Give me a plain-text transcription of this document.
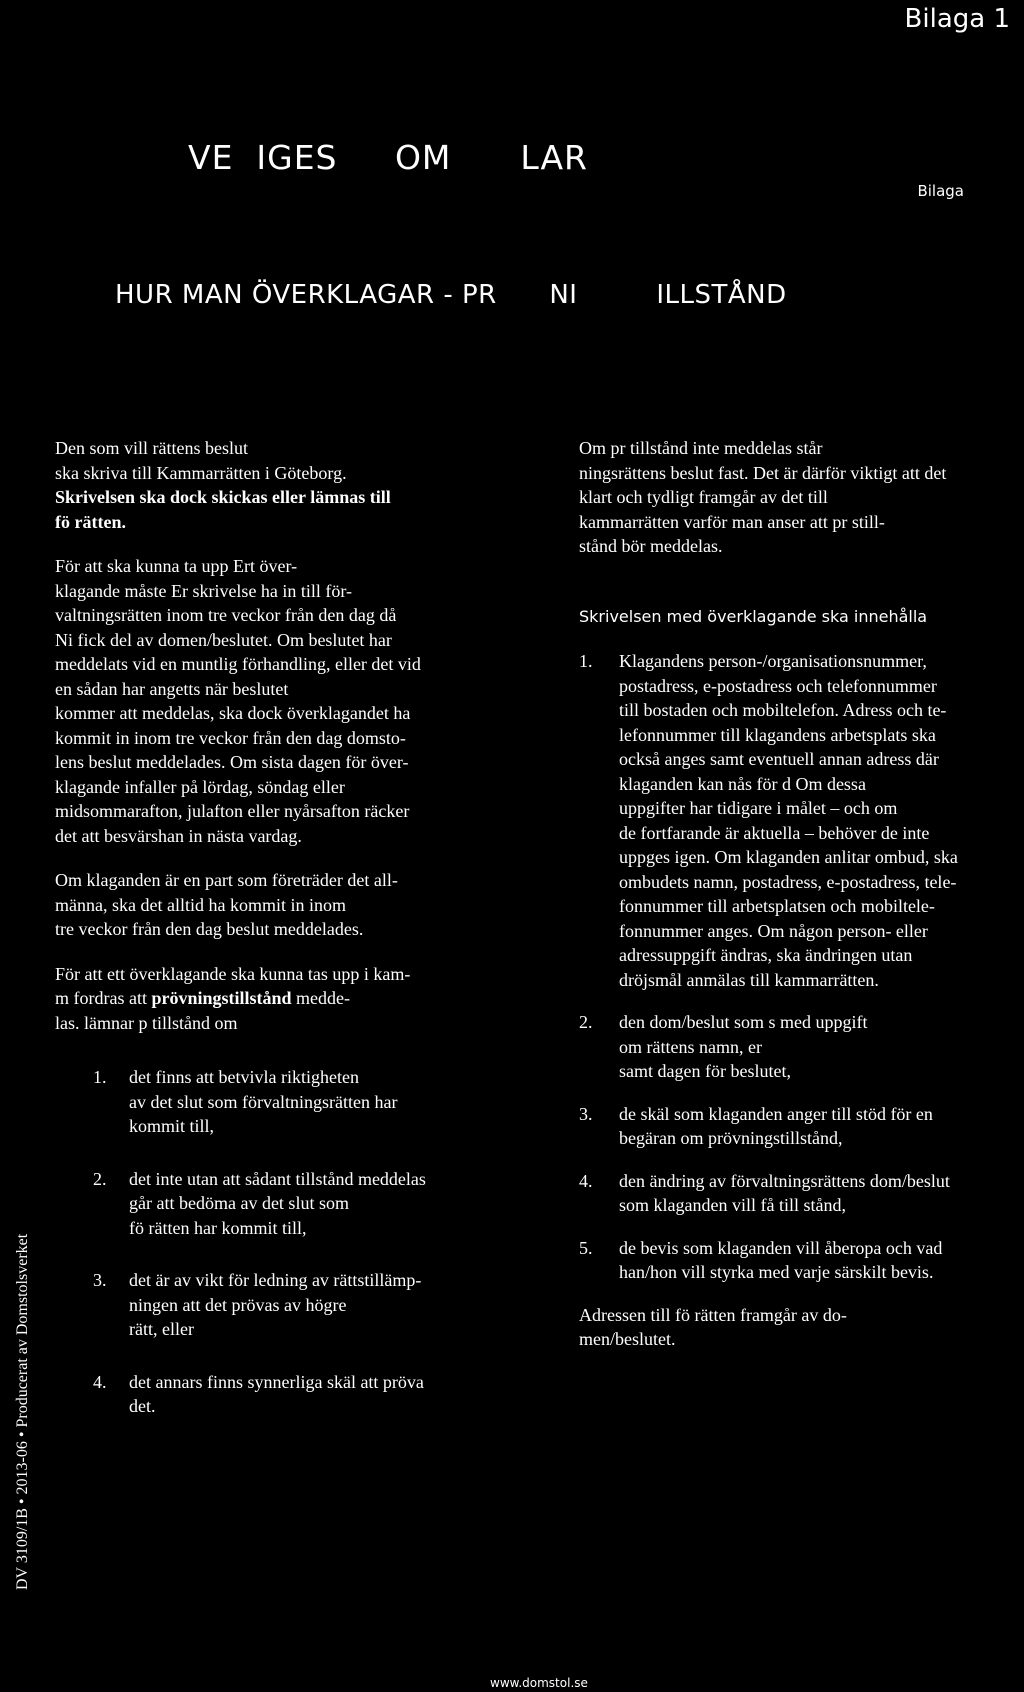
Bilaga 1
VE  IGES     OM      LAR
Bilaga
HUR MAN ÖVERKLAGAR - PR      NI         ILLSTÅND

Den som vill rättens beslut
ska skriva till Kammarrätten i Göteborg.
Skrivelsen ska dock skickas eller lämnas till
fö rätten.

För att ska kunna ta upp Ert över-
klagande måste Er skrivelse ha in till för-
valtningsrätten inom tre veckor från den dag då
Ni fick del av domen/beslutet. Om beslutet har
meddelats vid en muntlig förhandling, eller det vid
en sådan har angetts när beslutet
kommer att meddelas, ska dock överklagandet ha
kommit in inom tre veckor från den dag domsto-
lens beslut meddelades. Om sista dagen för över-
klagande infaller på lördag, söndag eller
midsommarafton, julafton eller nyårsafton räcker
det att besvärshan in nästa vardag.

Om klaganden är en part som företräder det all-
männa, ska det alltid ha kommit in inom
tre veckor från den dag beslut meddelades.

För att ett överklagande ska kunna tas upp i kam-
m fordras att prövningstillstånd medde-
las. lämnar p tillstånd om

1. det finns att betvivla riktigheten
av det slut som förvaltningsrätten har
kommit till,
2. det inte utan att sådant tillstånd meddelas
går att bedöma av det slut som
fö rätten har kommit till,
3. det är av vikt för ledning av rättstillämp-
ningen att det prövas av högre
rätt, eller
4. det annars finns synnerliga skäl att pröva
det.

Om pr tillstånd inte meddelas står
ningsrättens beslut fast. Det är därför viktigt att det
klart och tydligt framgår av det till
kammarrätten varför man anser att pr still-
stånd bör meddelas.

Skrivelsen med överklagande ska innehålla
1. Klagandens person-/organisationsnummer,
postadress, e-postadress och telefonnummer
till bostaden och mobiltelefon. Adress och te-
lefonnummer till klagandens arbetsplats ska
också anges samt eventuell annan adress där
klaganden kan nås för d Om dessa
uppgifter har tidigare i målet – och om
de fortfarande är aktuella – behöver de inte
uppges igen. Om klaganden anlitar ombud, ska
ombudets namn, postadress, e-postadress, tele-
fonnummer till arbetsplatsen och mobiltele-
fonnummer anges. Om någon person- eller
adressuppgift ändras, ska ändringen utan
dröjsmål anmälas till kammarrätten.
2. den dom/beslut som s med uppgift
om rättens namn, er
samt dagen för beslutet,
3. de skäl som klaganden anger till stöd för en
begäran om prövningstillstånd,
4. den ändring av förvaltningsrättens dom/beslut
som klaganden vill få till stånd,
5. de bevis som klaganden vill åberopa och vad
han/hon vill styrka med varje särskilt bevis.

Adressen till fö rätten framgår av do-
men/beslutet.

DV 3109/1B • 2013-06 • Producerat av Domstolsverket
www.domstol.se
